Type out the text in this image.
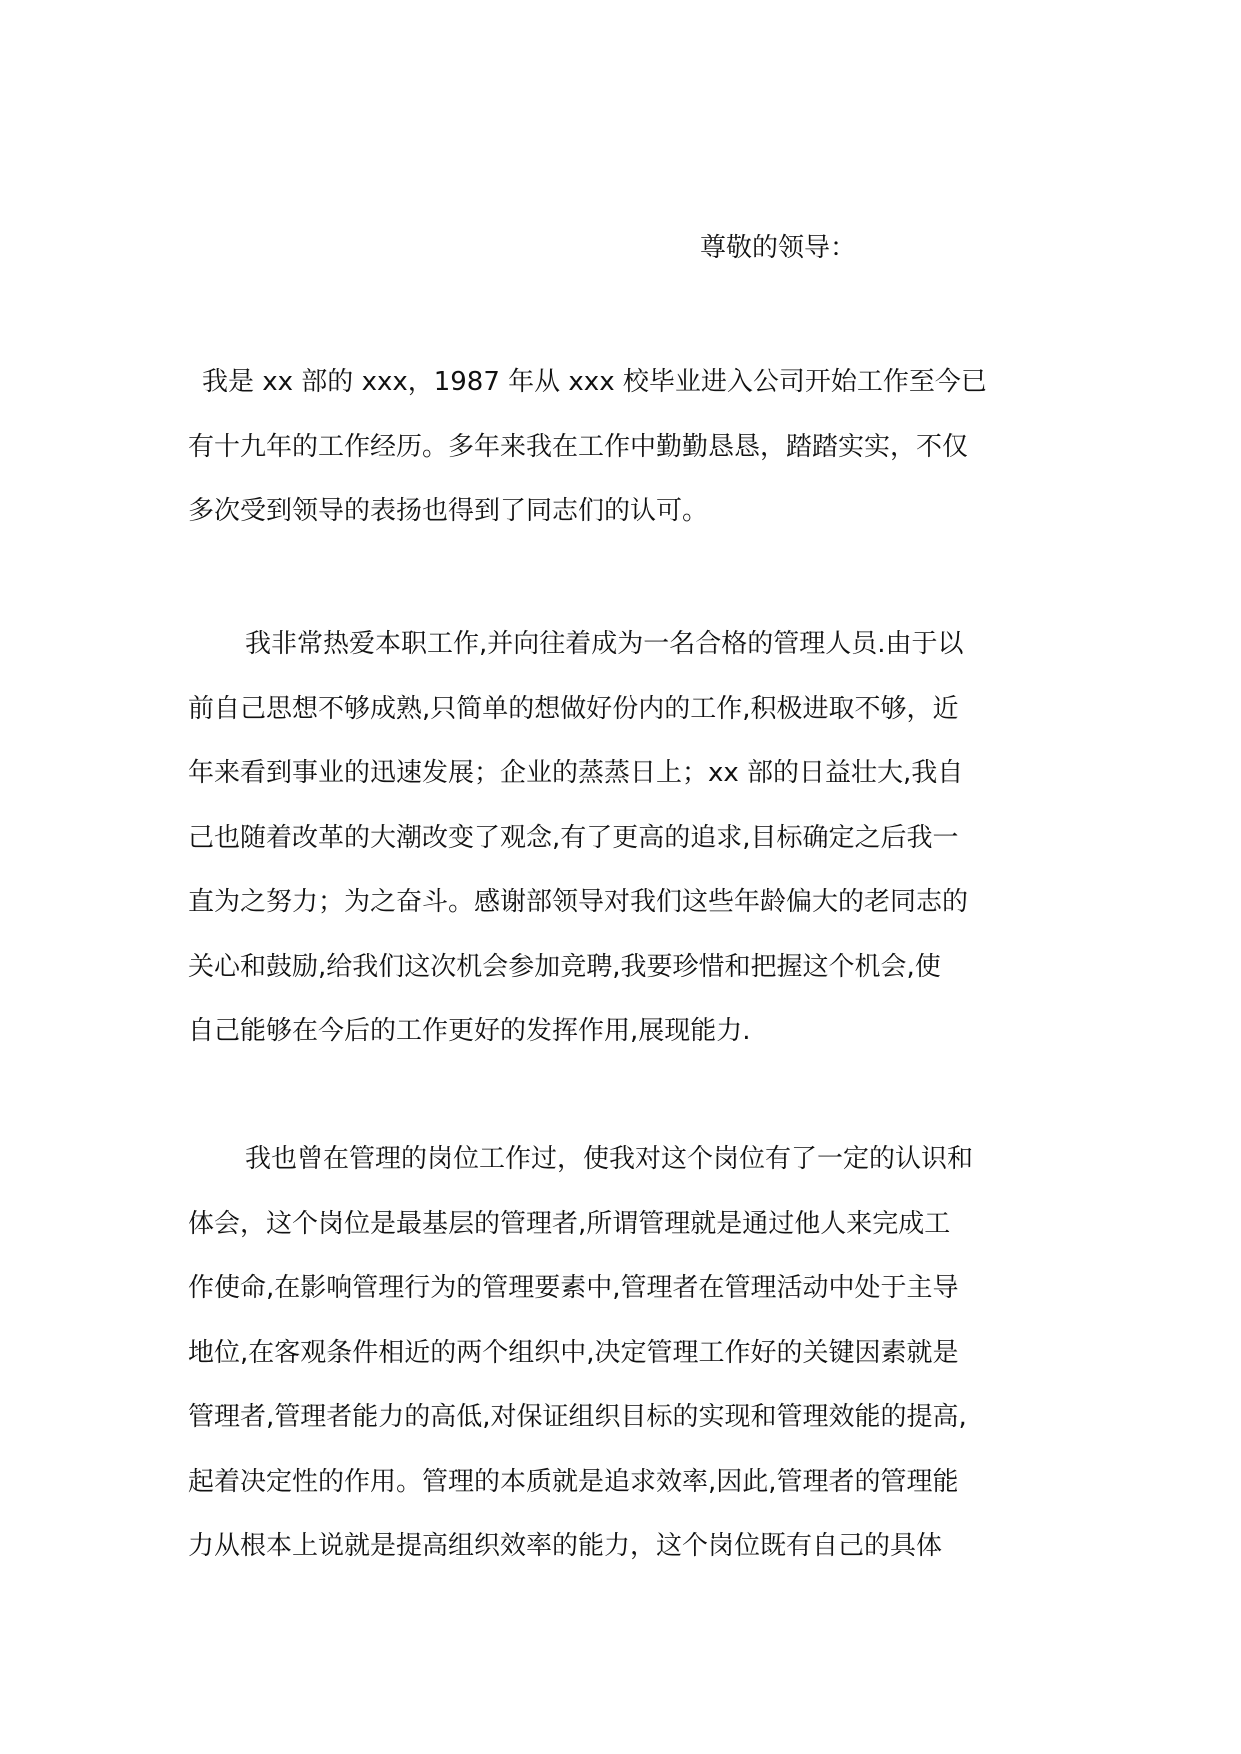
尊敬的领导：
我是 xx 部的 xxx，1987 年从 xxx 校毕业进入公司开始工作至今已
有十九年的工作经历。多年来我在工作中勤勤恳恳，踏踏实实，不仅
多次受到领导的表扬也得到了同志们的认可。
我非常热爱本职工作,并向往着成为一名合格的管理人员.由于以
前自己思想不够成熟,只简单的想做好份内的工作,积极进取不够，近
年来看到事业的迅速发展；企业的蒸蒸日上；xx 部的日益壮大,我自
己也随着改革的大潮改变了观念,有了更高的追求,目标确定之后我一
直为之努力；为之奋斗。感谢部领导对我们这些年龄偏大的老同志的
关心和鼓励,给我们这次机会参加竞聘,我要珍惜和把握这个机会,使
自己能够在今后的工作更好的发挥作用,展现能力.
我也曾在管理的岗位工作过，使我对这个岗位有了一定的认识和
体会，这个岗位是最基层的管理者,所谓管理就是通过他人来完成工
作使命,在影响管理行为的管理要素中,管理者在管理活动中处于主导
地位,在客观条件相近的两个组织中,决定管理工作好的关键因素就是
管理者,管理者能力的高低,对保证组织目标的实现和管理效能的提高,
起着决定性的作用。管理的本质就是追求效率,因此,管理者的管理能
力从根本上说就是提高组织效率的能力，这个岗位既有自己的具体
